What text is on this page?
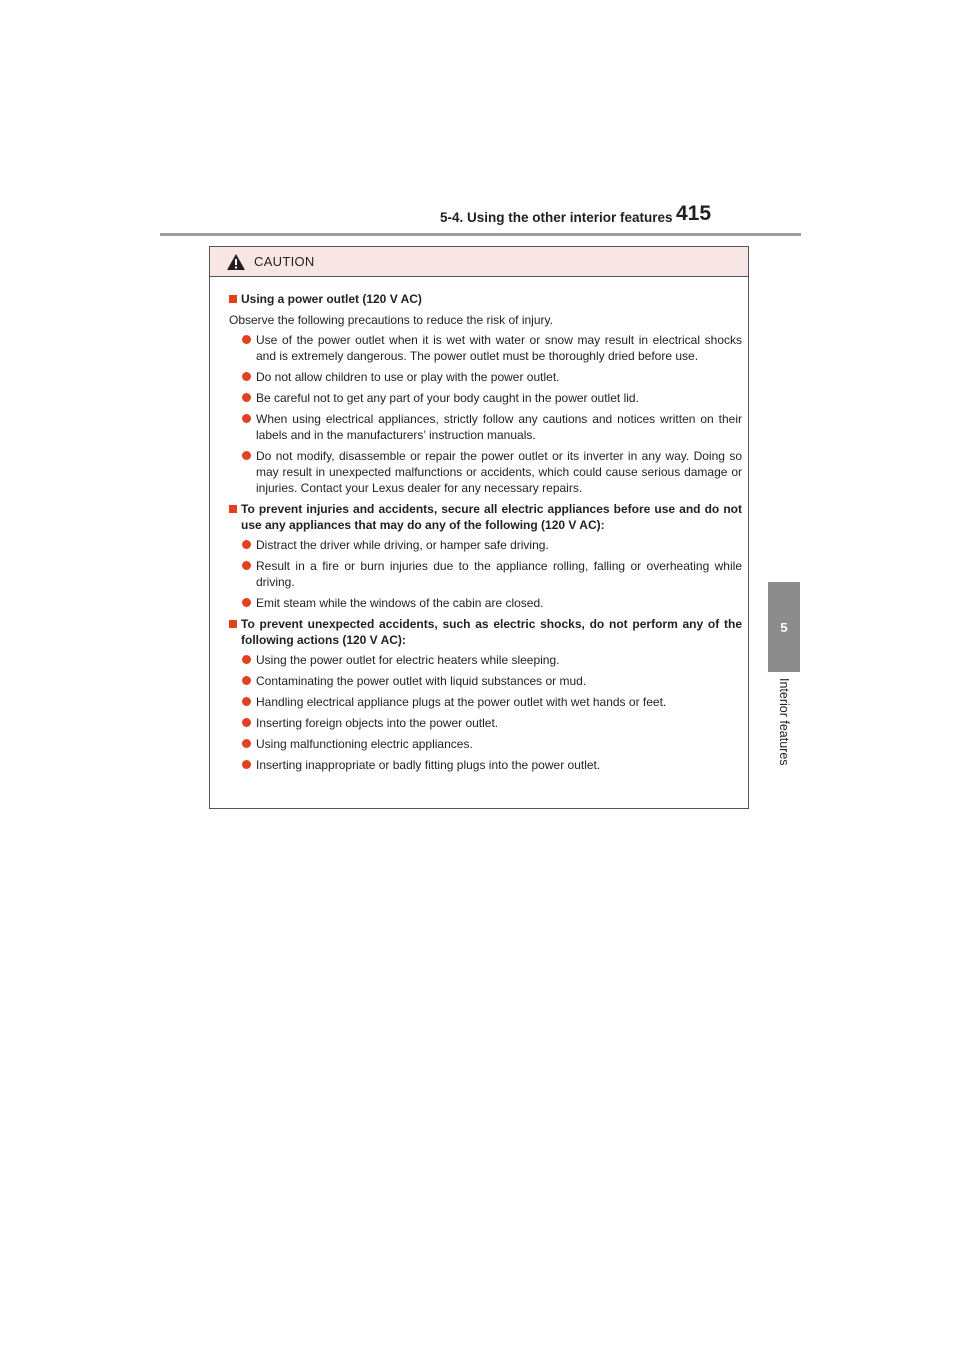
5-4. Using the other interior features 415
5
Interior features
CAUTION
Using a power outlet (120 V AC)
Observe the following precautions to reduce the risk of injury.
Use of the power outlet when it is wet with water or snow may result in electrical shocks and is extremely dangerous. The power outlet must be thoroughly dried before use.
Do not allow children to use or play with the power outlet.
Be careful not to get any part of your body caught in the power outlet lid.
When using electrical appliances, strictly follow any cautions and notices written on their labels and in the manufacturers’ instruction manuals.
Do not modify, disassemble or repair the power outlet or its inverter in any way. Doing so may result in unexpected malfunctions or accidents, which could cause serious damage or injuries. Contact your Lexus dealer for any necessary repairs.
To prevent injuries and accidents, secure all electric appliances before use and do not use any appliances that may do any of the following (120 V AC):
Distract the driver while driving, or hamper safe driving.
Result in a fire or burn injuries due to the appliance rolling, falling or overheating while driving.
Emit steam while the windows of the cabin are closed.
To prevent unexpected accidents, such as electric shocks, do not perform any of the following actions (120 V AC):
Using the power outlet for electric heaters while sleeping.
Contaminating the power outlet with liquid substances or mud.
Handling electrical appliance plugs at the power outlet with wet hands or feet.
Inserting foreign objects into the power outlet.
Using malfunctioning electric appliances.
Inserting inappropriate or badly fitting plugs into the power outlet.
